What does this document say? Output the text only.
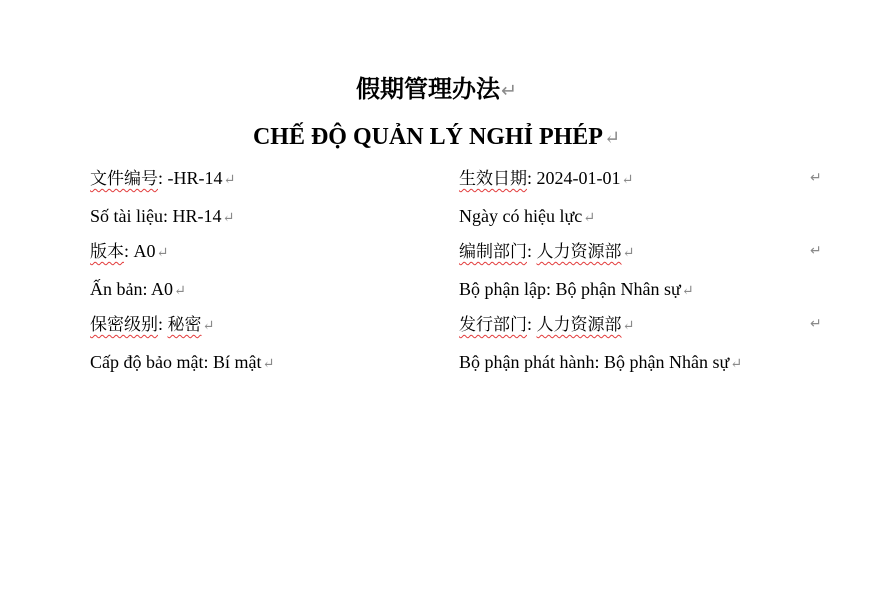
假期管理办法↵
CHẾ ĐỘ QUẢN LÝ NGHỈ PHÉP↵
文件编号: -HR-14↵	生效日期: 2024-01-01↵	↵
Số tài liệu: HR-14↵	Ngày có hiệu lực↵
版本: A0↵	编制部门: 人力资源部↵	↵
Ấn bản: A0↵	Bộ phận lập: Bộ phận Nhân sự↵
保密级别: 秘密↵	发行部门: 人力资源部↵	↵
Cấp độ bảo mật: Bí mật↵	Bộ phận phát hành: Bộ phận Nhân sự↵
